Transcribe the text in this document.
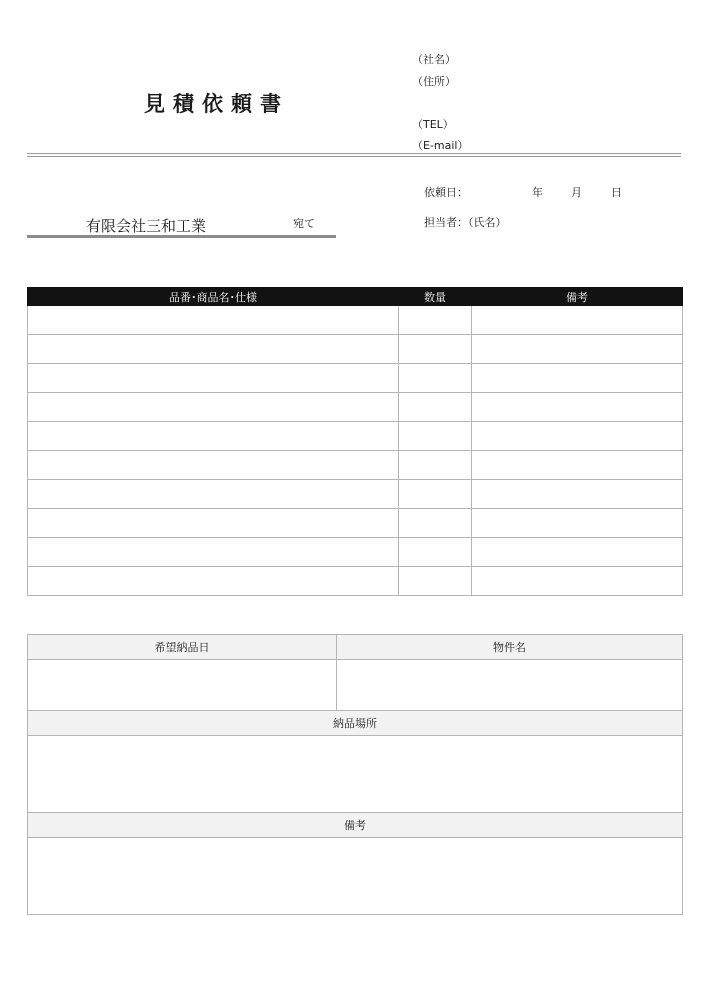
見積依頼書
（社名）
（住所）
（TEL）
（E-mail）
依頼日：	年	月	日
担当者：（氏名）
有限会社三和工業	宛て
品番･商品名･仕様	数量	備考

希望納品日	物件名

納品場所	

備考	
